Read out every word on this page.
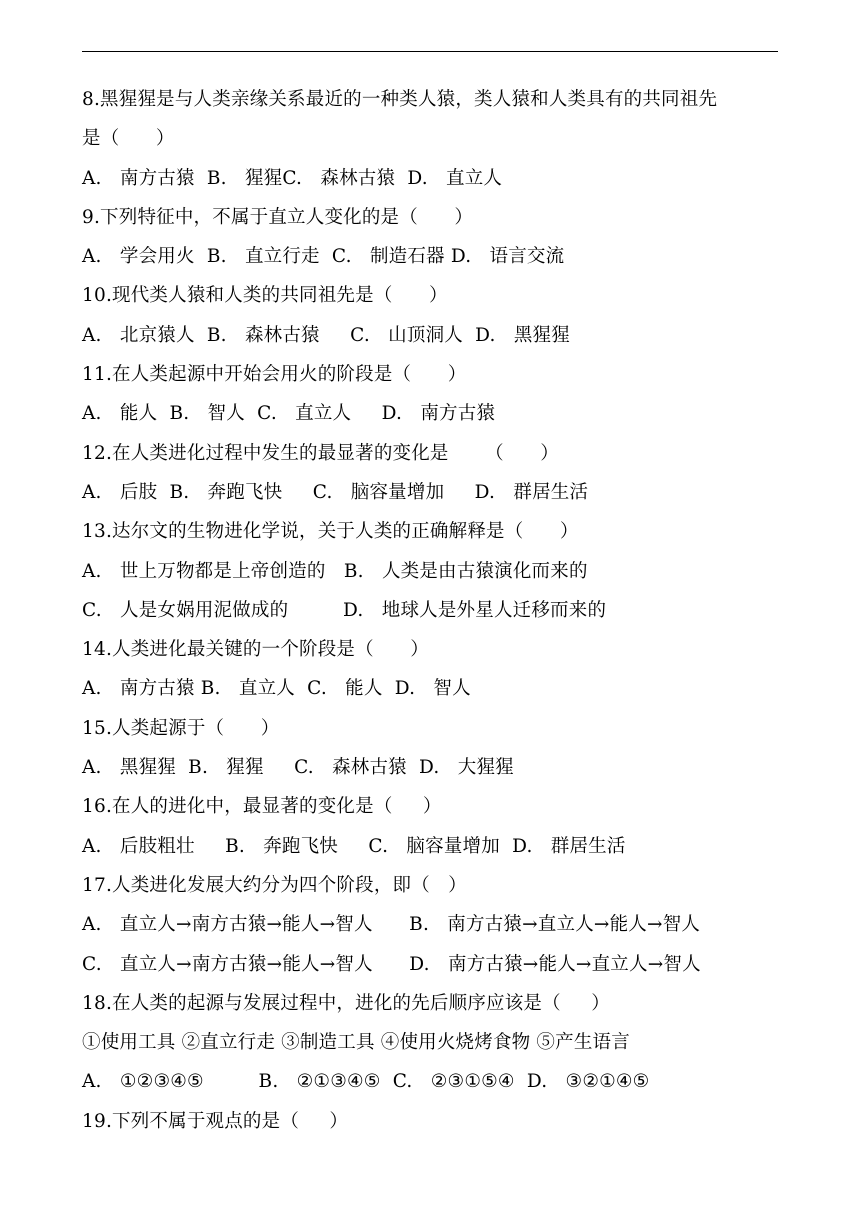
8.黑猩猩是与人类亲缘关系最近的一种类人猿，类人猿和人类具有的共同祖先
是（      ）
A.   南方古猿  B.   猩猩C.   森林古猿  D.   直立人
9.下列特征中，不属于直立人变化的是（      ）
A.   学会用火  B.   直立行走  C.   制造石器 D.   语言交流
10.现代类人猿和人类的共同祖先是（      ）
A.   北京猿人  B.   森林古猿     C.   山顶洞人  D.   黑猩猩
11.在人类起源中开始会用火的阶段是（      ）
A.   能人  B.   智人  C.   直立人     D.   南方古猿
12.在人类进化过程中发生的最显著的变化是      （      ）
A.   后肢  B.   奔跑飞快     C.   脑容量增加     D.   群居生活
13.达尔文的生物进化学说，关于人类的正确解释是（      ）
A.   世上万物都是上帝创造的   B.   人类是由古猿演化而来的
C.   人是女娲用泥做成的         D.   地球人是外星人迁移而来的
14.人类进化最关键的一个阶段是（      ）
A.   南方古猿 B.   直立人  C.   能人  D.   智人
15.人类起源于（      ）
A.   黑猩猩  B.   猩猩     C.   森林古猿  D.   大猩猩
16.在人的进化中，最显著的变化是（     ）
A.   后肢粗壮     B.   奔跑飞快     C.   脑容量增加  D.   群居生活
17.人类进化发展大约分为四个阶段，即（   ）
A.   直立人→南方古猿→能人→智人      B.   南方古猿→直立人→能人→智人
C.   直立人→南方古猿→能人→智人      D.   南方古猿→能人→直立人→智人
18.在人类的起源与发展过程中，进化的先后顺序应该是（     ）
①使用工具 ②直立行走 ③制造工具 ④使用火烧烤食物 ⑤产生语言
A.   ①②③④⑤         B.   ②①③④⑤  C.   ②③①⑤④  D.   ③②①④⑤
19.下列不属于观点的是（     ）
